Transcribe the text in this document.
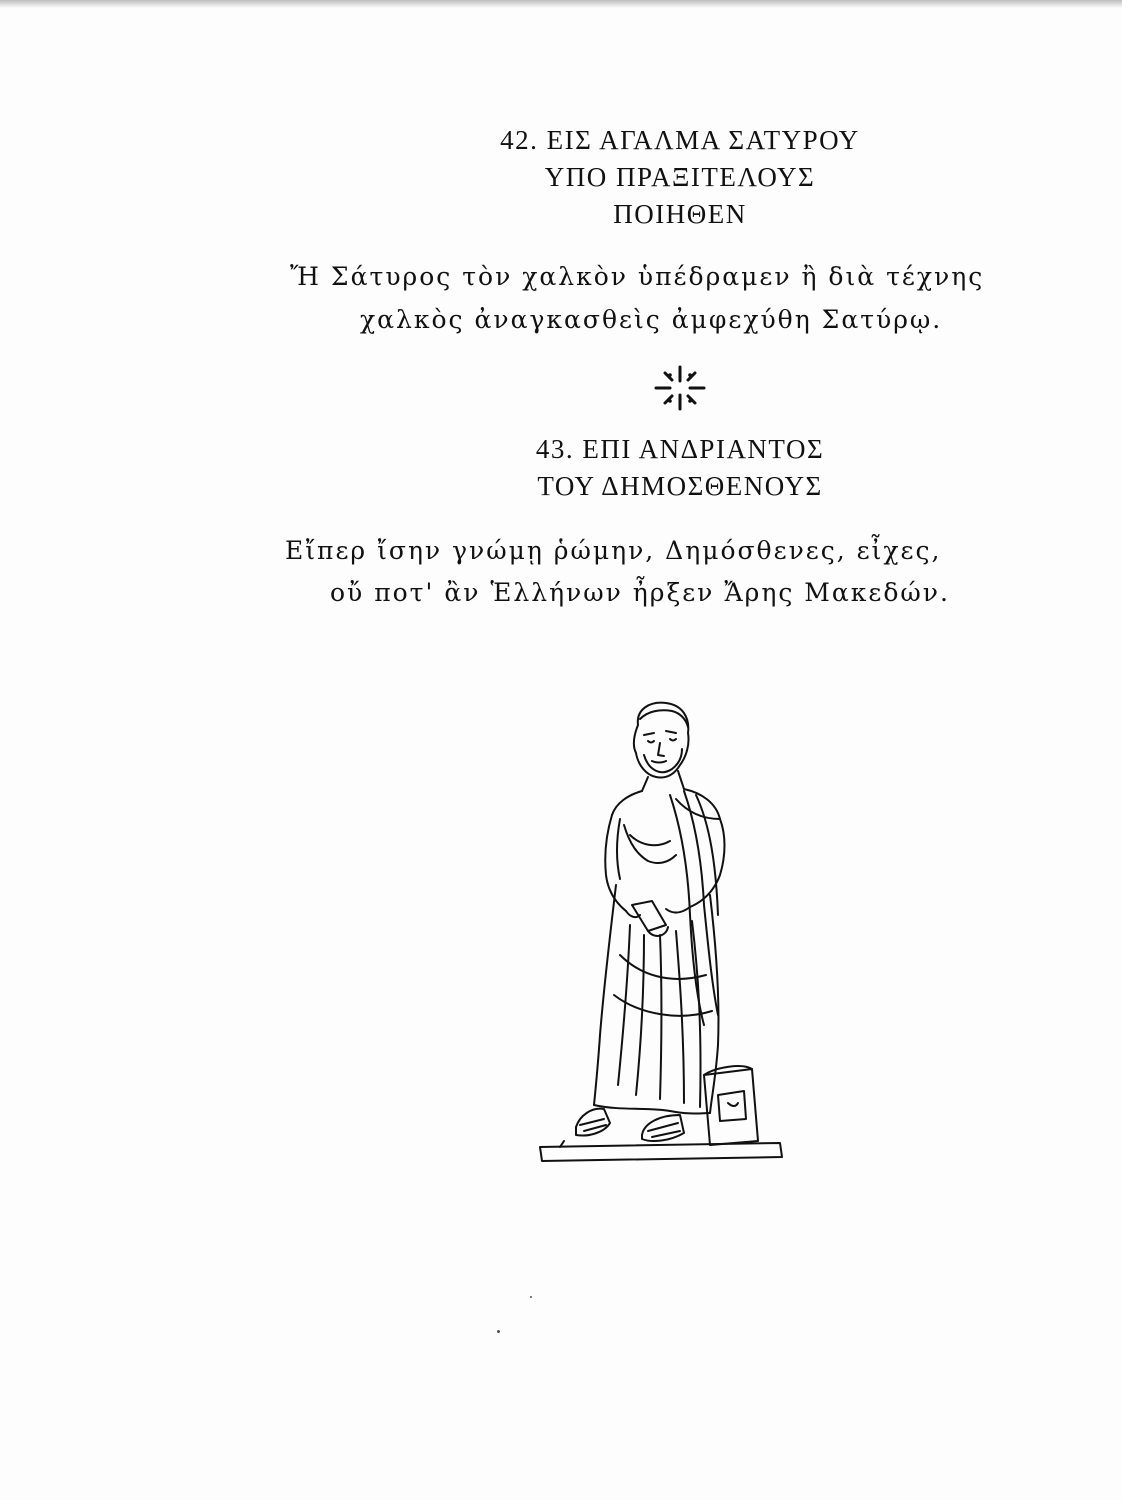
42. ΕΙΣ ΑΓΑΛΜΑ ΣΑΤΥΡΟΥ
ΥΠΟ ΠΡΑΞΙΤΕΛΟΥΣ
ΠΟΙΗΘΕΝ
Ἤ Σάτυρος τὸν χαλκὸν ὑπέδραμεν ἢ διὰ τέχνης
χαλκὸς ἀναγκασθεὶς ἀμφεχύθη Σατύρῳ.
43. ΕΠΙ ΑΝΔΡΙΑΝΤΟΣ
ΤΟΥ ΔΗΜΟΣΘΕΝΟΥΣ
Εἴπερ ἴσην γνώμῃ ῥώμην, Δημόσθενες, εἶχες,
οὔ ποτ' ἂν Ἑλλήνων ἦρξεν Ἄρης Μακεδών.
